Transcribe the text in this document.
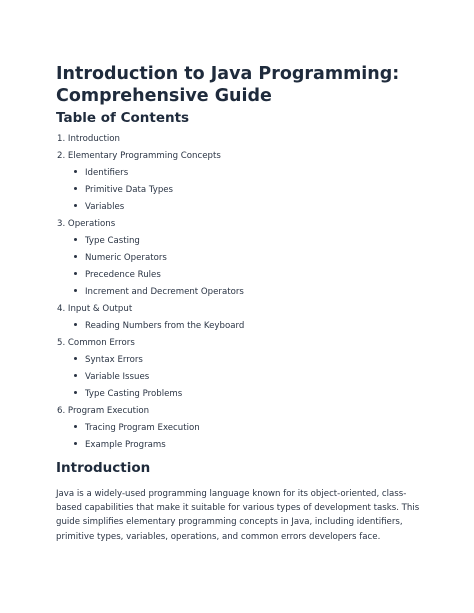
Introduction to Java Programming: Comprehensive Guide
Table of Contents
1. Introduction
2. Elementary Programming Concepts
Identifiers
Primitive Data Types
Variables
3. Operations
Type Casting
Numeric Operators
Precedence Rules
Increment and Decrement Operators
4. Input & Output
Reading Numbers from the Keyboard
5. Common Errors
Syntax Errors
Variable Issues
Type Casting Problems
6. Program Execution
Tracing Program Execution
Example Programs
Introduction

Java is a widely-used programming language known for its object-oriented, class-based capabilities that make it suitable for various types of development tasks. This guide simplifies elementary programming concepts in Java, including identifiers, primitive types, variables, operations, and common errors developers face.
